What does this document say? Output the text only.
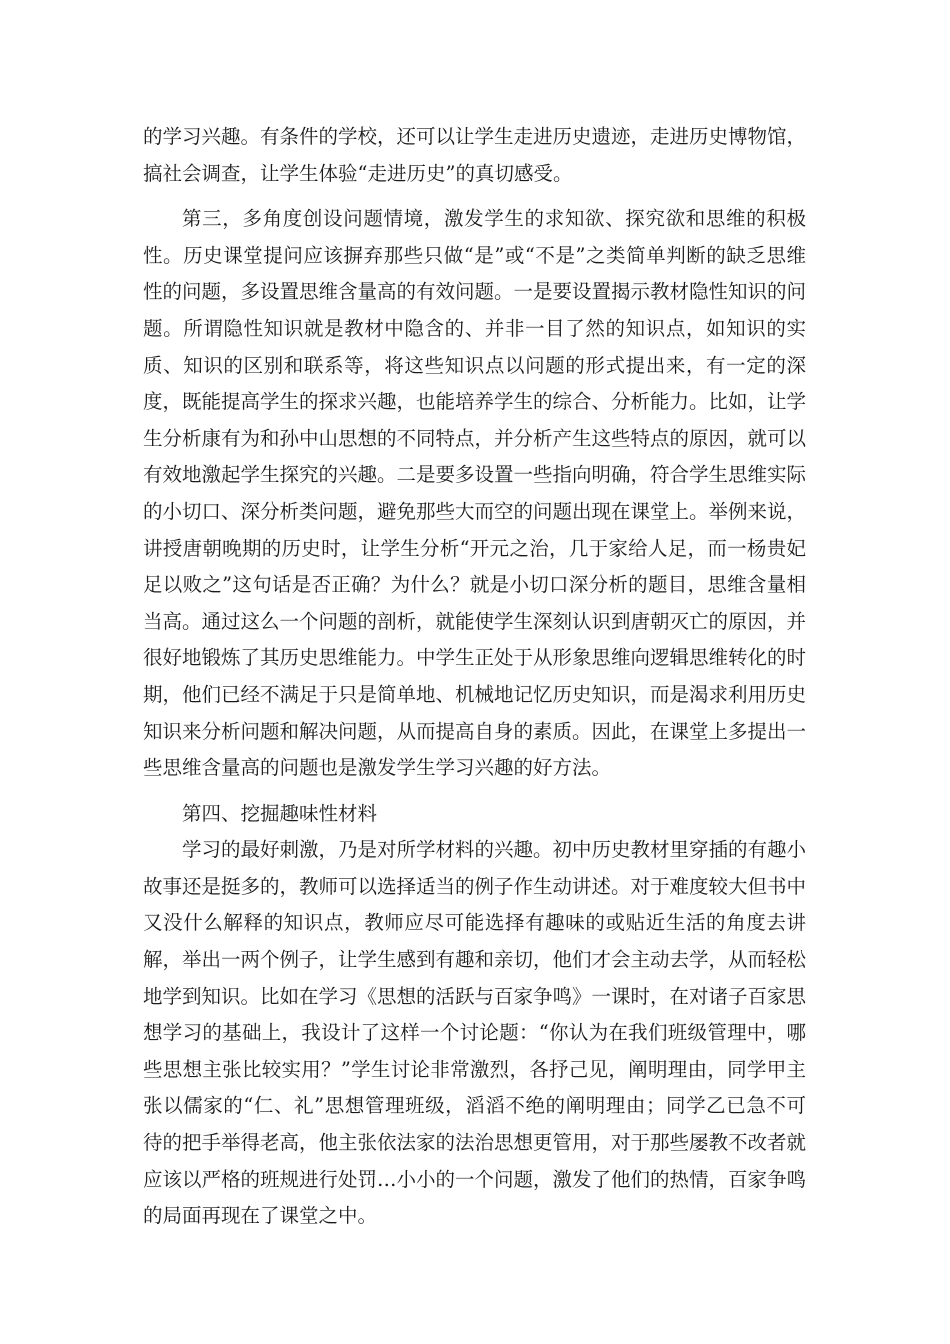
的学习兴趣。有条件的学校，还可以让学生走进历史遗迹，走进历史博物馆，搞社会调查，让学生体验“走进历史”的真切感受。

第三，多角度创设问题情境，激发学生的求知欲、探究欲和思维的积极性。历史课堂提问应该摒弃那些只做“是”或“不是”之类简单判断的缺乏思维性的问题，多设置思维含量高的有效问题。一是要设置揭示教材隐性知识的问题。所谓隐性知识就是教材中隐含的、并非一目了然的知识点，如知识的实质、知识的区别和联系等，将这些知识点以问题的形式提出来，有一定的深度，既能提高学生的探求兴趣，也能培养学生的综合、分析能力。比如，让学生分析康有为和孙中山思想的不同特点，并分析产生这些特点的原因，就可以有效地激起学生探究的兴趣。二是要多设置一些指向明确，符合学生思维实际的小切口、深分析类问题，避免那些大而空的问题出现在课堂上。举例来说，讲授唐朝晚期的历史时，让学生分析“开元之治，几于家给人足，而一杨贵妃足以败之”这句话是否正确？为什么？就是小切口深分析的题目，思维含量相当高。通过这么一个问题的剖析，就能使学生深刻认识到唐朝灭亡的原因，并很好地锻炼了其历史思维能力。中学生正处于从形象思维向逻辑思维转化的时期，他们已经不满足于只是简单地、机械地记忆历史知识，而是渴求利用历史知识来分析问题和解决问题，从而提高自身的素质。因此，在课堂上多提出一些思维含量高的问题也是激发学生学习兴趣的好方法。

第四、挖掘趣味性材料

学习的最好刺激，乃是对所学材料的兴趣。初中历史教材里穿插的有趣小故事还是挺多的，教师可以选择适当的例子作生动讲述。对于难度较大但书中又没什么解释的知识点，教师应尽可能选择有趣味的或贴近生活的角度去讲解，举出一两个例子，让学生感到有趣和亲切，他们才会主动去学，从而轻松地学到知识。比如在学习《思想的活跃与百家争鸣》一课时，在对诸子百家思想学习的基础上，我设计了这样一个讨论题：“你认为在我们班级管理中，哪些思想主张比较实用？”学生讨论非常激烈，各抒己见，阐明理由，同学甲主张以儒家的“仁、礼”思想管理班级，滔滔不绝的阐明理由；同学乙已急不可待的把手举得老高，他主张依法家的法治思想更管用，对于那些屡教不改者就应该以严格的班规进行处罚…小小的一个问题，激发了他们的热情，百家争鸣的局面再现在了课堂之中。
